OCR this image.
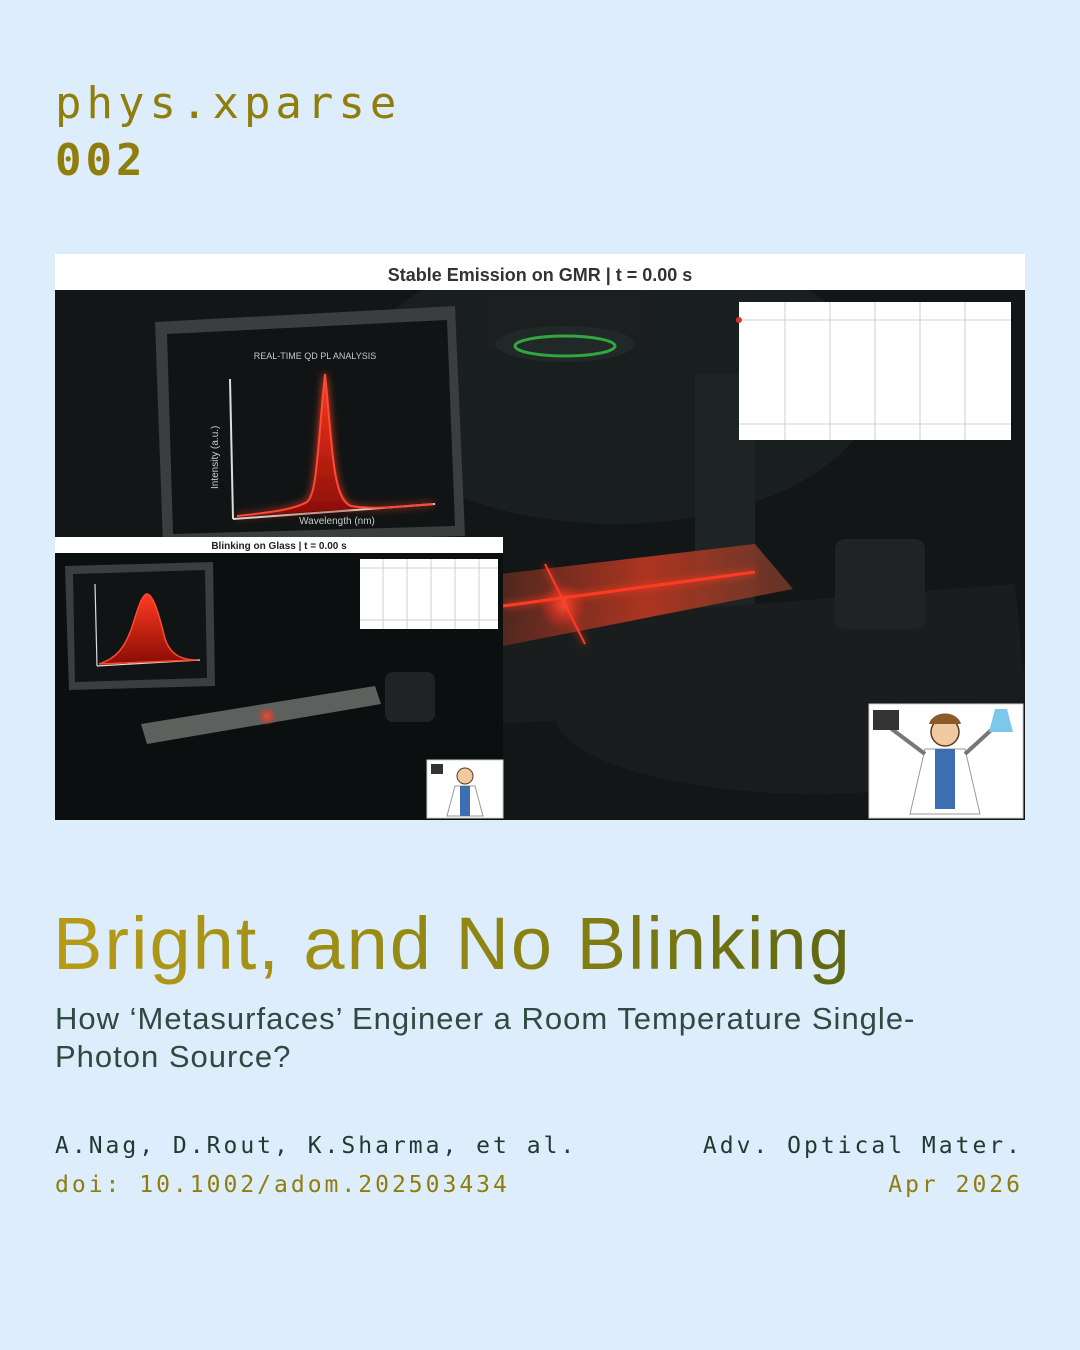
phys.xparse
002
Stable Emission on GMR | t = 0.00 s
REAL-TIME QD PL ANALYSIS
Intensity (a.u.)
Wavelength (nm)
Blinking on Glass | t = 0.00 s
Bright, and No Blinking
How ‘Metasurfaces’ Engineer a Room Temperature Single-Photon Source?
A.Nag, D.Rout, K.Sharma, et al.
doi: 10.1002/adom.202503434
Adv. Optical Mater.
Apr 2026
